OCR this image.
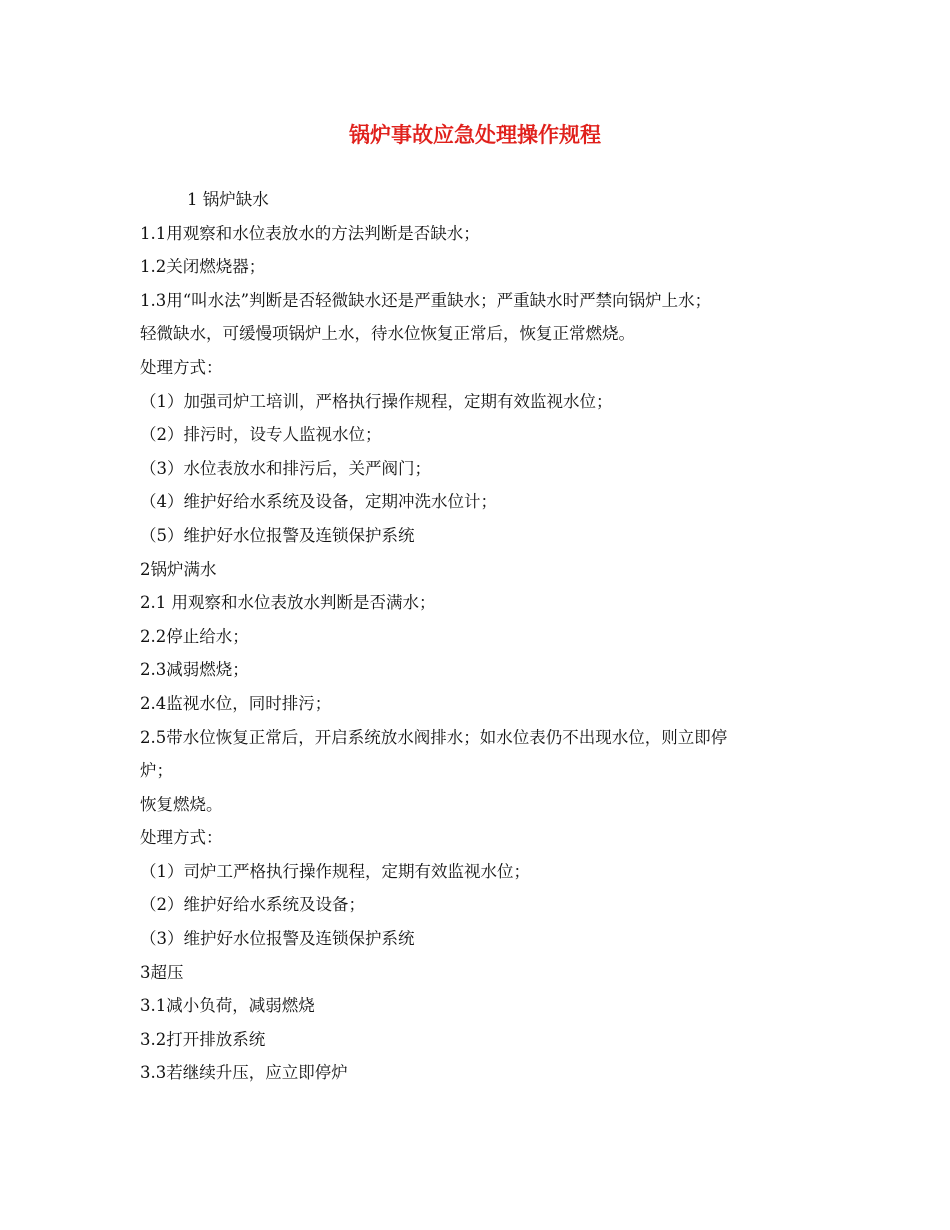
锅炉事故应急处理操作规程

1 锅炉缺水

1.1用观察和水位表放水的方法判断是否缺水；

1.2关闭燃烧器；

1.3用“叫水法”判断是否轻微缺水还是严重缺水；严重缺水时严禁向锅炉上水；

轻微缺水，可缓慢项锅炉上水，待水位恢复正常后，恢复正常燃烧。

处理方式：

（1）加强司炉工培训，严格执行操作规程，定期有效监视水位；

（2）排污时，设专人监视水位；

（3）水位表放水和排污后，关严阀门；

（4）维护好给水系统及设备，定期冲洗水位计；

（5）维护好水位报警及连锁保护系统

2锅炉满水

2.1 用观察和水位表放水判断是否满水；

2.2停止给水；

2.3减弱燃烧；

2.4监视水位，同时排污；

2.5带水位恢复正常后，开启系统放水阀排水；如水位表仍不出现水位，则立即停

炉；

恢复燃烧。

处理方式：

（1）司炉工严格执行操作规程，定期有效监视水位；

（2）维护好给水系统及设备；

（3）维护好水位报警及连锁保护系统

3超压

3.1减小负荷，减弱燃烧

3.2打开排放系统

3.3若继续升压，应立即停炉
